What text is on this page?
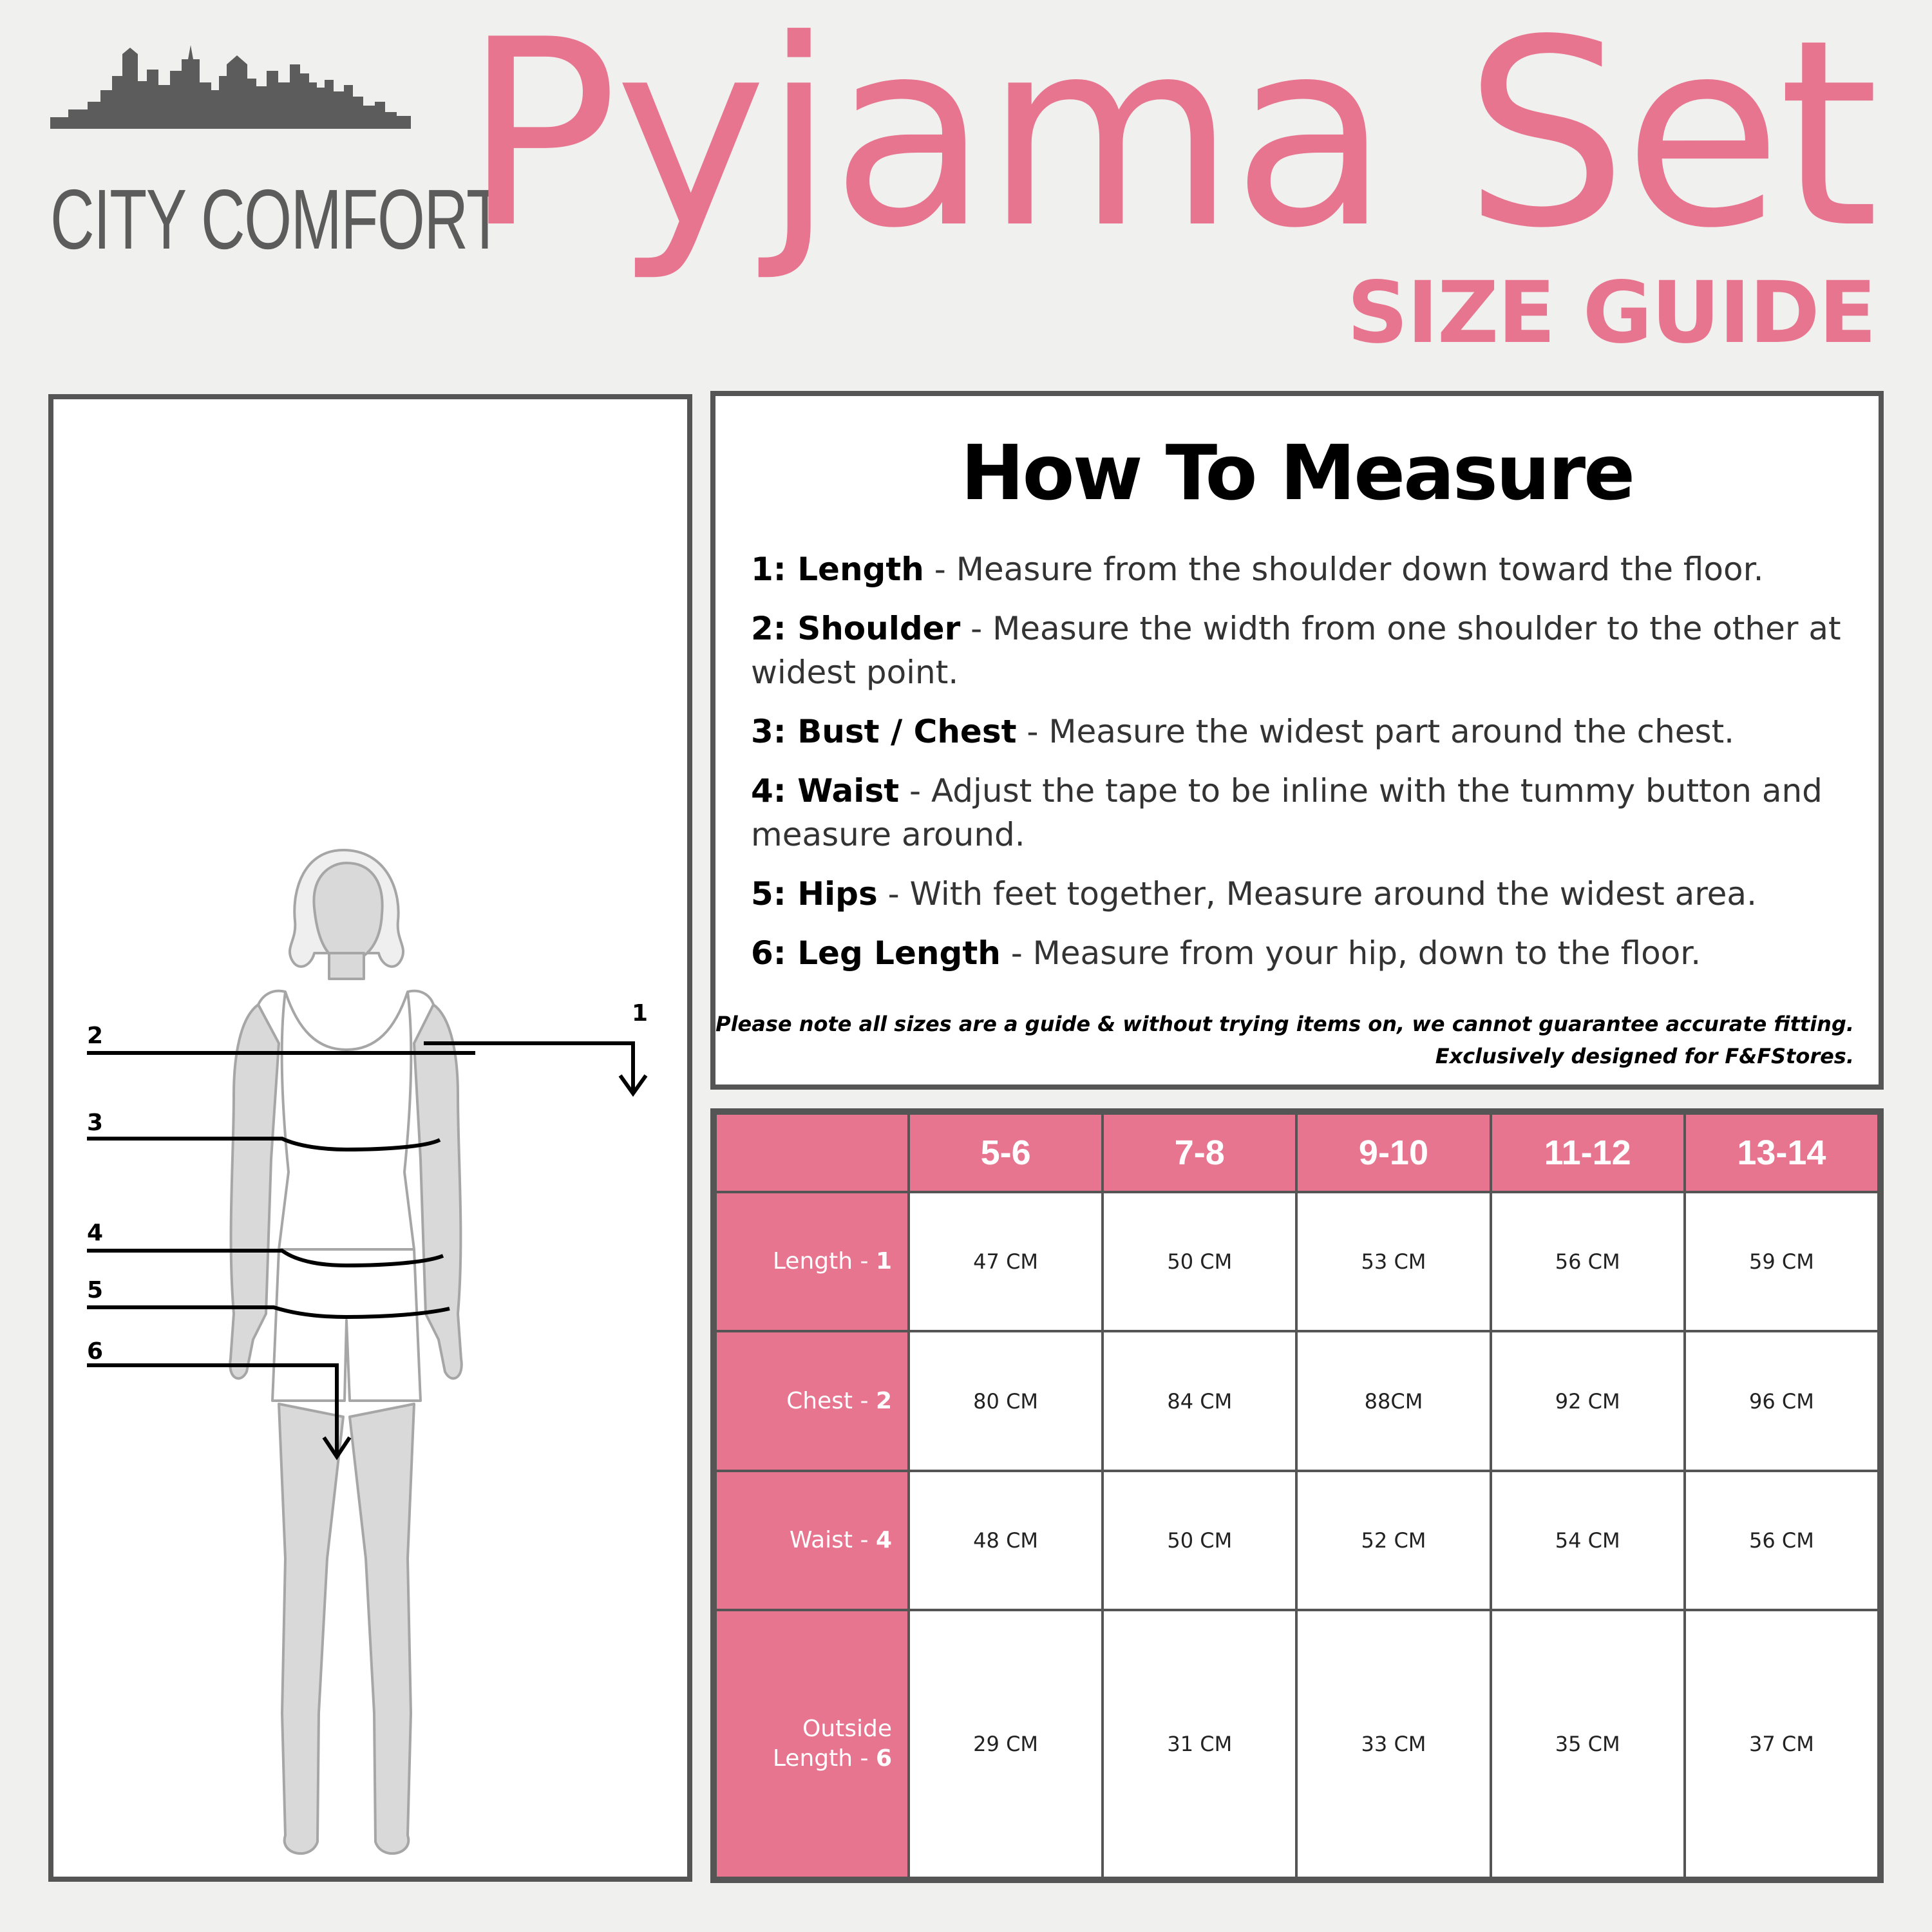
CITY COMFORT
Pyjama Set
SIZE GUIDE
1
2
3
4
5
6
How To Measure
1: Length - Measure from the shoulder down toward the floor.
2: Shoulder - Measure the width from one shoulder to the other at widest point.
3: Bust / Chest - Measure the widest part around the chest.
4: Waist - Adjust the tape to be inline with the tummy button and measure around.
5: Hips - With feet together, Measure around the widest area.
6: Leg Length - Measure from your hip, down to the floor.
Please note all sizes are a guide & without trying items on, we cannot guarantee accurate fitting.
Exclusively designed for F&FStores.
	5-6	7-8	9-10	11-12	13-14
Length - 1	47 CM	50 CM	53 CM	56 CM	59 CM
Chest - 2	80 CM	84 CM	88CM	92 CM	96 CM
Waist - 4	48 CM	50 CM	52 CM	54 CM	56 CM
Outside
Length - 6	29 CM	31 CM	33 CM	35 CM	37 CM
